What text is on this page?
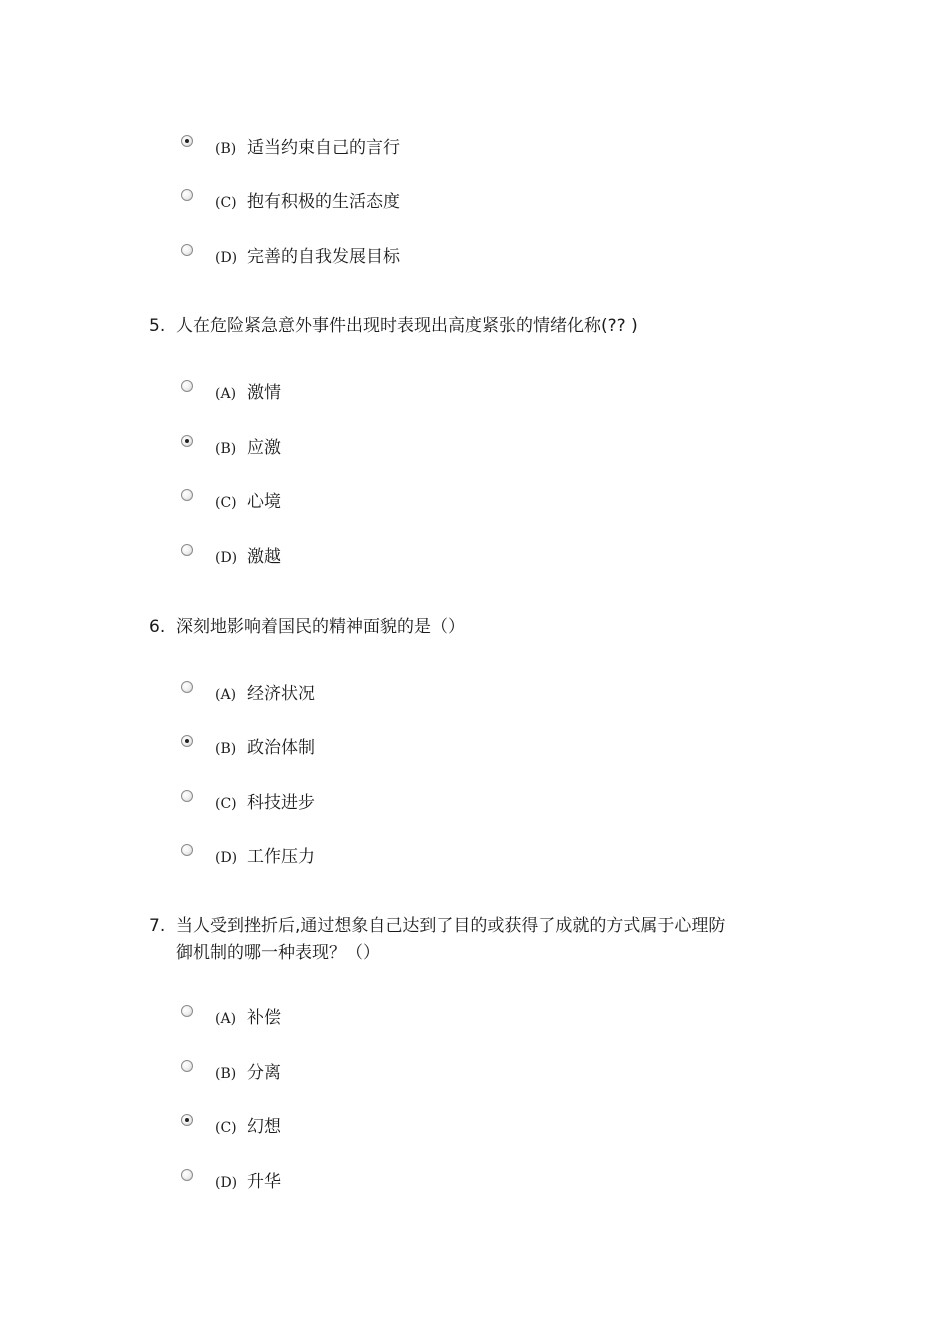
(B) 适当约束自己的言行
(C) 抱有积极的生活态度
(D) 完善的自我发展目标
5. 人在危险紧急意外事件出现时表现出高度紧张的情绪化称(?? )
(A) 激情
(B) 应激
(C) 心境
(D) 激越
6. 深刻地影响着国民的精神面貌的是（）
(A) 经济状况
(B) 政治体制
(C) 科技进步
(D) 工作压力
7. 当人受到挫折后,通过想象自己达到了目的或获得了成就的方式属于心理防
御机制的哪一种表现？（）
(A) 补偿
(B) 分离
(C) 幻想
(D) 升华
